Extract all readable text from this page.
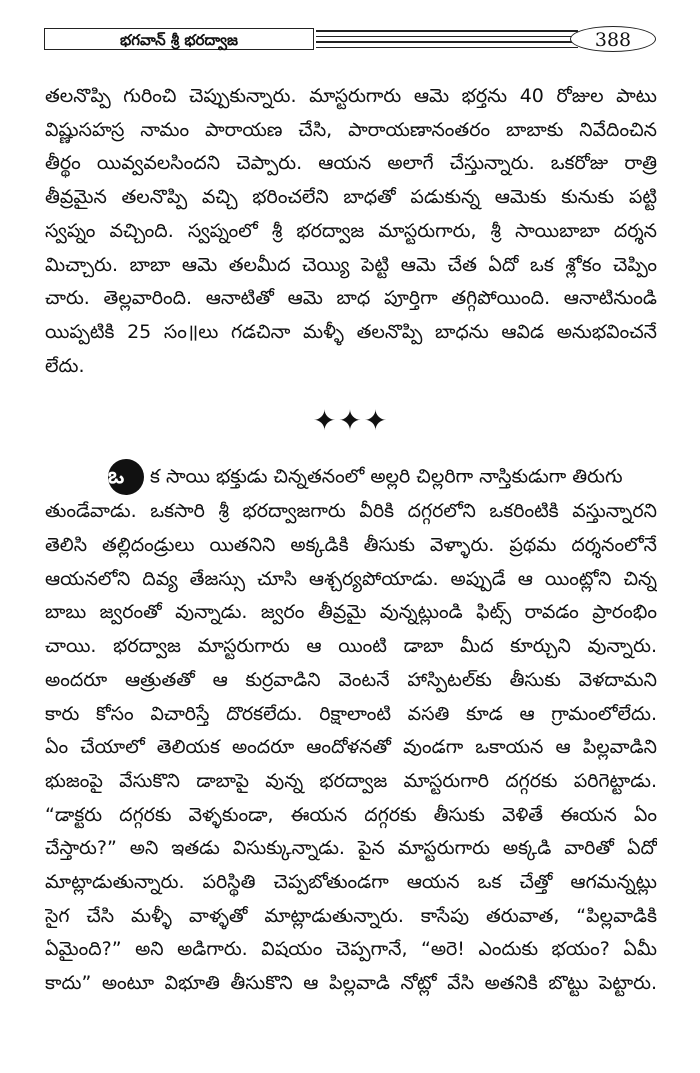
భగవాన్ శ్రీ భరద్వాజ	388

తలనొప్పి గురించి చెప్పుకున్నారు. మాస్టరుగారు ఆమె భర్తను 40 రోజుల పాటు

విష్ణుసహస్ర నామం పారాయణ చేసి, పారాయణానంతరం బాబాకు నివేదించిన

తీర్థం యివ్వవలసిందని చెప్పారు. ఆయన అలాగే చేస్తున్నారు. ఒకరోజు రాత్రి

తీవ్రమైన తలనొప్పి వచ్చి భరించలేని బాధతో పడుకున్న ఆమెకు కునుకు పట్టి

స్వప్నం వచ్చింది. స్వప్నంలో శ్రీ భరద్వాజ మాస్టరుగారు, శ్రీ సాయిబాబా దర్శన

మిచ్చారు. బాబా ఆమె తలమీద చెయ్యి పెట్టి ఆమె చేత ఏదో ఒక శ్లోకం చెప్పిం

చారు. తెల్లవారింది. ఆనాటితో ఆమె బాధ పూర్తిగా తగ్గిపోయింది. ఆనాటినుండి

యిప్పటికి 25 సం॥లు గడచినా మళ్ళీ తలనొప్పి బాధను ఆవిడ అనుభవించనే

లేదు.

✦✦✦

ఒ క సాయి భక్తుడు చిన్నతనంలో అల్లరి చిల్లరిగా నాస్తికుడుగా తిరుగు

తుండేవాడు. ఒకసారి శ్రీ భరద్వాజగారు వీరికి దగ్గరలోని ఒకరింటికి వస్తున్నారని

తెలిసి తల్లిదండ్రులు యితనిని అక్కడికి తీసుకు వెళ్ళారు. ప్రథమ దర్శనంలోనే

ఆయనలోని దివ్య తేజస్సు చూసి ఆశ్చర్యపోయాడు. అప్పుడే ఆ యింట్లోని చిన్న

బాబు జ్వరంతో వున్నాడు. జ్వరం తీవ్రమై వున్నట్లుండి ఫిట్స్ రావడం ప్రారంభిం

చాయి. భరద్వాజ మాస్టరుగారు ఆ యింటి డాబా మీద కూర్చుని వున్నారు.

అందరూ ఆత్రుతతో ఆ కుర్రవాడిని వెంటనే హాస్పిటల్‌కు తీసుకు వెళదామని

కారు కోసం విచారిస్తే దొరకలేదు. రిక్షాలాంటి వసతి కూడ ఆ గ్రామంలోలేదు.

ఏం చేయాలో తెలియక అందరూ ఆందోళనతో వుండగా ఒకాయన ఆ పిల్లవాడిని

భుజంపై వేసుకొని డాబాపై వున్న భరద్వాజ మాస్టరుగారి దగ్గరకు పరిగెట్టాడు.

“డాక్టరు దగ్గరకు వెళ్ళకుండా, ఈయన దగ్గరకు తీసుకు వెళితే ఈయన ఏం

చేస్తారు?” అని ఇతడు విసుక్కున్నాడు. పైన మాస్టరుగారు అక్కడి వారితో ఏదో

మాట్లాడుతున్నారు. పరిస్థితి చెప్పబోతుండగా ఆయన ఒక చేత్తో ఆగమన్నట్లు

సైగ చేసి మళ్ళీ వాళ్ళతో మాట్లాడుతున్నారు. కాసేపు తరువాత, “పిల్లవాడికి

ఏమైంది?” అని అడిగారు. విషయం చెప్పగానే, “అరె! ఎందుకు భయం? ఏమీ

కాదు” అంటూ విభూతి తీసుకొని ఆ పిల్లవాడి నోట్లో వేసి అతనికి బొట్టు పెట్టారు.
